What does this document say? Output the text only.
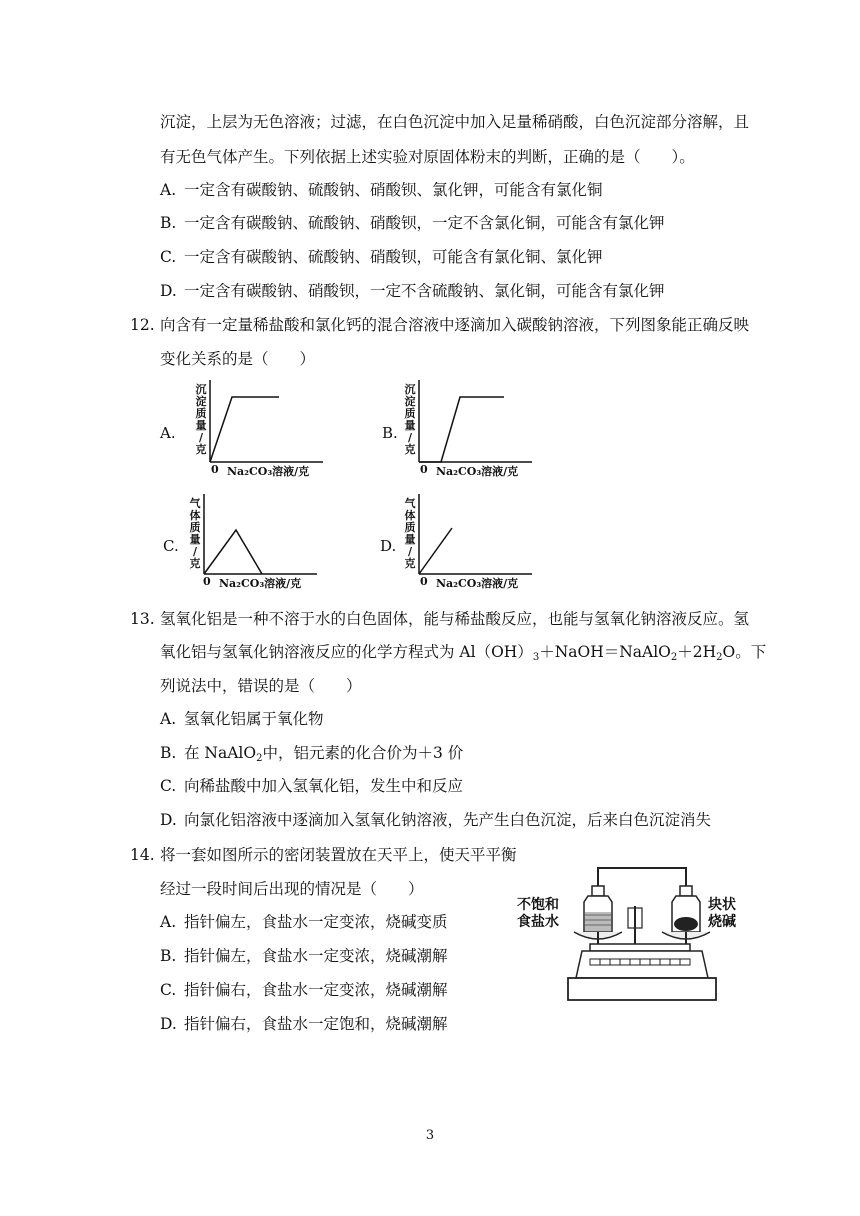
沉淀，上层为无色溶液；过滤，在白色沉淀中加入足量稀硝酸，白色沉淀部分溶解，且
有无色气体产生。下列依据上述实验对原固体粉末的判断，正确的是（　　）。
A. 一定含有碳酸钠、硫酸钠、硝酸钡、氯化钾，可能含有氯化铜
B. 一定含有碳酸钠、硫酸钠、硝酸钡，一定不含氯化铜，可能含有氯化钾
C. 一定含有碳酸钠、硫酸钠、硝酸钡，可能含有氯化铜、氯化钾
D. 一定含有碳酸钠、硝酸钡，一定不含硫酸钠、氯化铜，可能含有氯化钾
12. 向含有一定量稀盐酸和氯化钙的混合溶液中逐滴加入碳酸钠溶液，下列图象能正确反映
变化关系的是（　　）
A.
沉
淀
质
量
/
克
0 Na₂CO₃溶液/克
B.
沉
淀
质
量
/
克
0 Na₂CO₃溶液/克
C.
气
体
质
量
/
克
0 Na₂CO₃溶液/克
D.
气
体
质
量
/
克
0 Na₂CO₃溶液/克
13. 氢氧化铝是一种不溶于水的白色固体，能与稀盐酸反应，也能与氢氧化钠溶液反应。氢
氧化铝与氢氧化钠溶液反应的化学方程式为 $Al(OH)_3+NaOH=NaAlO_2+2H_2O$。下
列说法中，错误的是（　　）
A. 氢氧化铝属于氧化物
B. 在 NaAlO$_2$中，铝元素的化合价为＋3 价
C. 向稀盐酸中加入氢氧化铝，发生中和反应
D. 向氯化铝溶液中逐滴加入氢氧化钠溶液，先产生白色沉淀，后来白色沉淀消失
14. 将一套如图所示的密闭装置放在天平上，使天平平衡
经过一段时间后出现的情况是（　　）
A. 指针偏左，食盐水一定变浓，烧碱变质
B. 指针偏左，食盐水一定变浓，烧碱潮解
C. 指针偏右，食盐水一定变浓，烧碱潮解
D. 指针偏右，食盐水一定饱和，烧碱潮解
不饱和
食盐水
块状
烧碱
3
